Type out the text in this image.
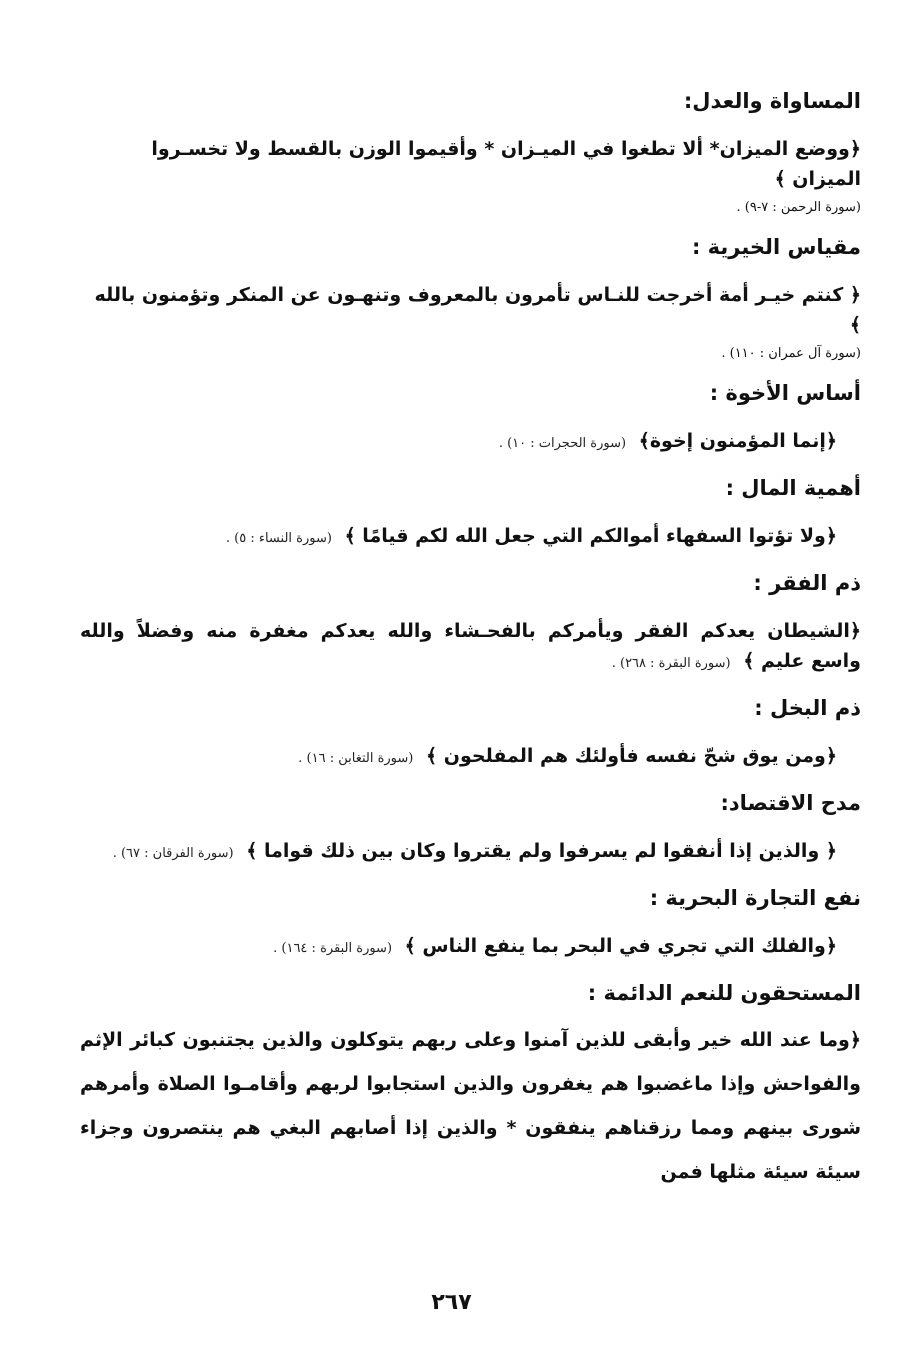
المساواة والعدل:
﴿ووضع الميزان* ألا تطغوا في الميـزان * وأقيموا الوزن بالقسط ولا تخسـروا الميزان ﴾
(سورة الرحمن : ٧-٩) .
مقياس الخيرية :
﴿ كنتم خيـر أمة أخرجت للنـاس تأمرون بالمعروف وتنهـون عن المنكر وتؤمنون بالله ﴾
(سورة آل عمران : ١١٠) .
أساس الأخوة :
﴿إنما المؤمنون إخوة﴾ (سورة الحجرات : ١٠) .
أهمية المال :
﴿ولا تؤتوا السفهاء أموالكم التي جعل الله لكم قيامًا ﴾ (سورة النساء : ٥) .
ذم الفقر :
﴿الشيطان يعدكم الفقر ويأمركم بالفحـشاء والله يعدكم مغفرة منه وفضلاً والله واسع عليم ﴾ (سورة البقرة : ٢٦٨) .
ذم البخل :
﴿ومن يوق شحّ نفسه فأولئك هم المفلحون ﴾ (سورة التغابن : ١٦) .
مدح الاقتصاد:
﴿ والذين إذا أنفقوا لم يسرفوا ولم يقتروا وكان بين ذلك قواما ﴾ (سورة الفرقان : ٦٧) .
نفع التجارة البحرية :
﴿والفلك التي تجري في البحر بما ينفع الناس ﴾ (سورة البقرة : ١٦٤) .
المستحقون للنعم الدائمة :
﴿وما عند الله خير وأبقى للذين آمنوا وعلى ربهم يتوكلون والذين يجتنبون كبائر الإثم والفواحش وإذا ماغضبوا هم يغفرون والذين استجابوا لربهم وأقامـوا الصلاة وأمرهم شورى بينهم ومما رزقناهم ينفقون * والذين إذا أصابهم البغي هم ينتصرون وجزاء سيئة سيئة مثلها فمن
٢٦٧
